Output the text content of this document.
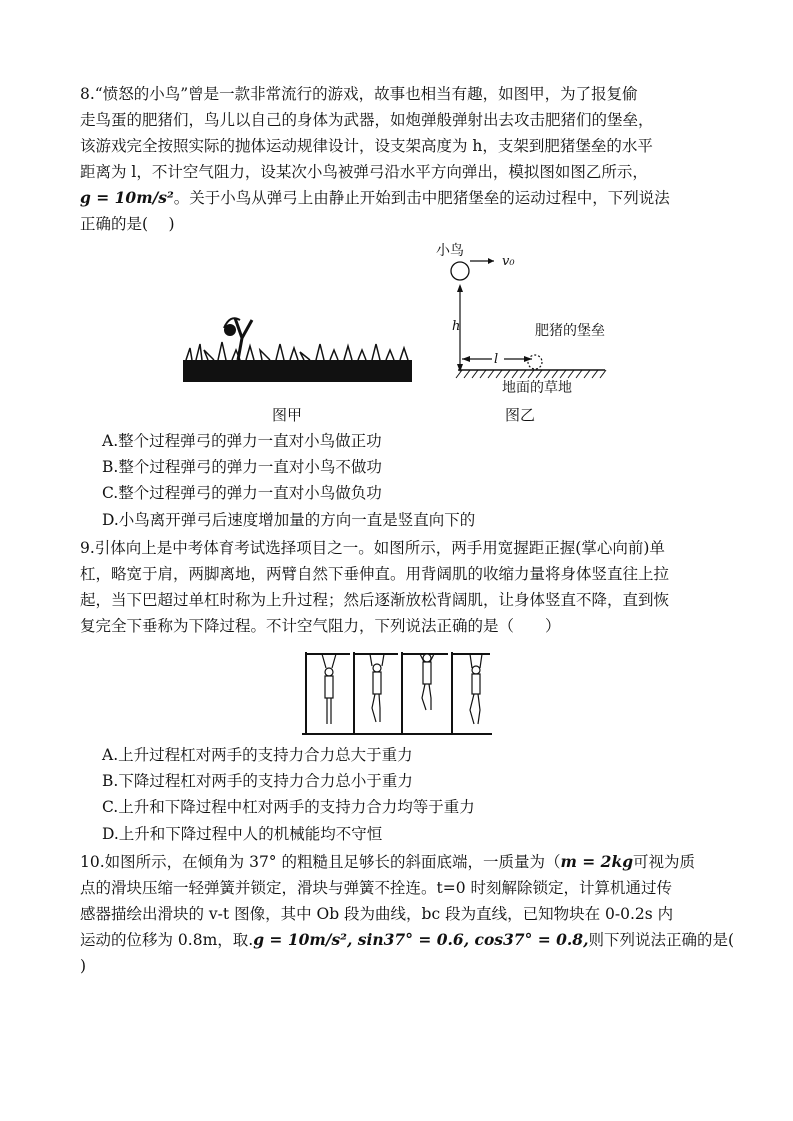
8.“愤怒的小鸟”曾是一款非常流行的游戏，故事也相当有趣，如图甲，为了报复偷
走鸟蛋的肥猪们，鸟儿以自己的身体为武器，如炮弹般弹射出去攻击肥猪们的堡垒，
该游戏完全按照实际的抛体运动规律设计，设支架高度为 h，支架到肥猪堡垒的水平
距离为 l，不计空气阻力，设某次小鸟被弹弓沿水平方向弹出，模拟图如图乙所示，
g = 10m/s²。关于小鸟从弹弓上由静止开始到击中肥猪堡垒的运动过程中，下列说法
正确的是(　 )
图甲
小鸟
v₀
h
l
肥猪的堡垒
地面的草地
图乙
A.整个过程弹弓的弹力一直对小鸟做正功
B.整个过程弹弓的弹力一直对小鸟不做功
C.整个过程弹弓的弹力一直对小鸟做负功
D.小鸟离开弹弓后速度增加量的方向一直是竖直向下的
9.引体向上是中考体育考试选择项目之一。如图所示，两手用宽握距正握(掌心向前)单
杠，略宽于肩，两脚离地，两臂自然下垂伸直。用背阔肌的收缩力量将身体竖直往上拉
起，当下巴超过单杠时称为上升过程；然后逐渐放松背阔肌，让身体竖直不降，直到恢
复完全下垂称为下降过程。不计空气阻力，下列说法正确的是（　　）
A.上升过程杠对两手的支持力合力总大于重力
B.下降过程杠对两手的支持力合力总小于重力
C.上升和下降过程中杠对两手的支持力合力均等于重力
D.上升和下降过程中人的机械能均不守恒
10.如图所示，在倾角为 37° 的粗糙且足够长的斜面底端，一质量为（m = 2kg可视为质
点的滑块压缩一轻弹簧并锁定，滑块与弹簧不拴连。t=0 时刻解除锁定，计算机通过传
感器描绘出滑块的 v-t 图像，其中 Ob 段为曲线，bc 段为直线，已知物块在 0-0.2s 内
运动的位移为 0.8m，取.g = 10m/s², sin37° = 0.6, cos37° = 0.8,则下列说法正确的是(
)
